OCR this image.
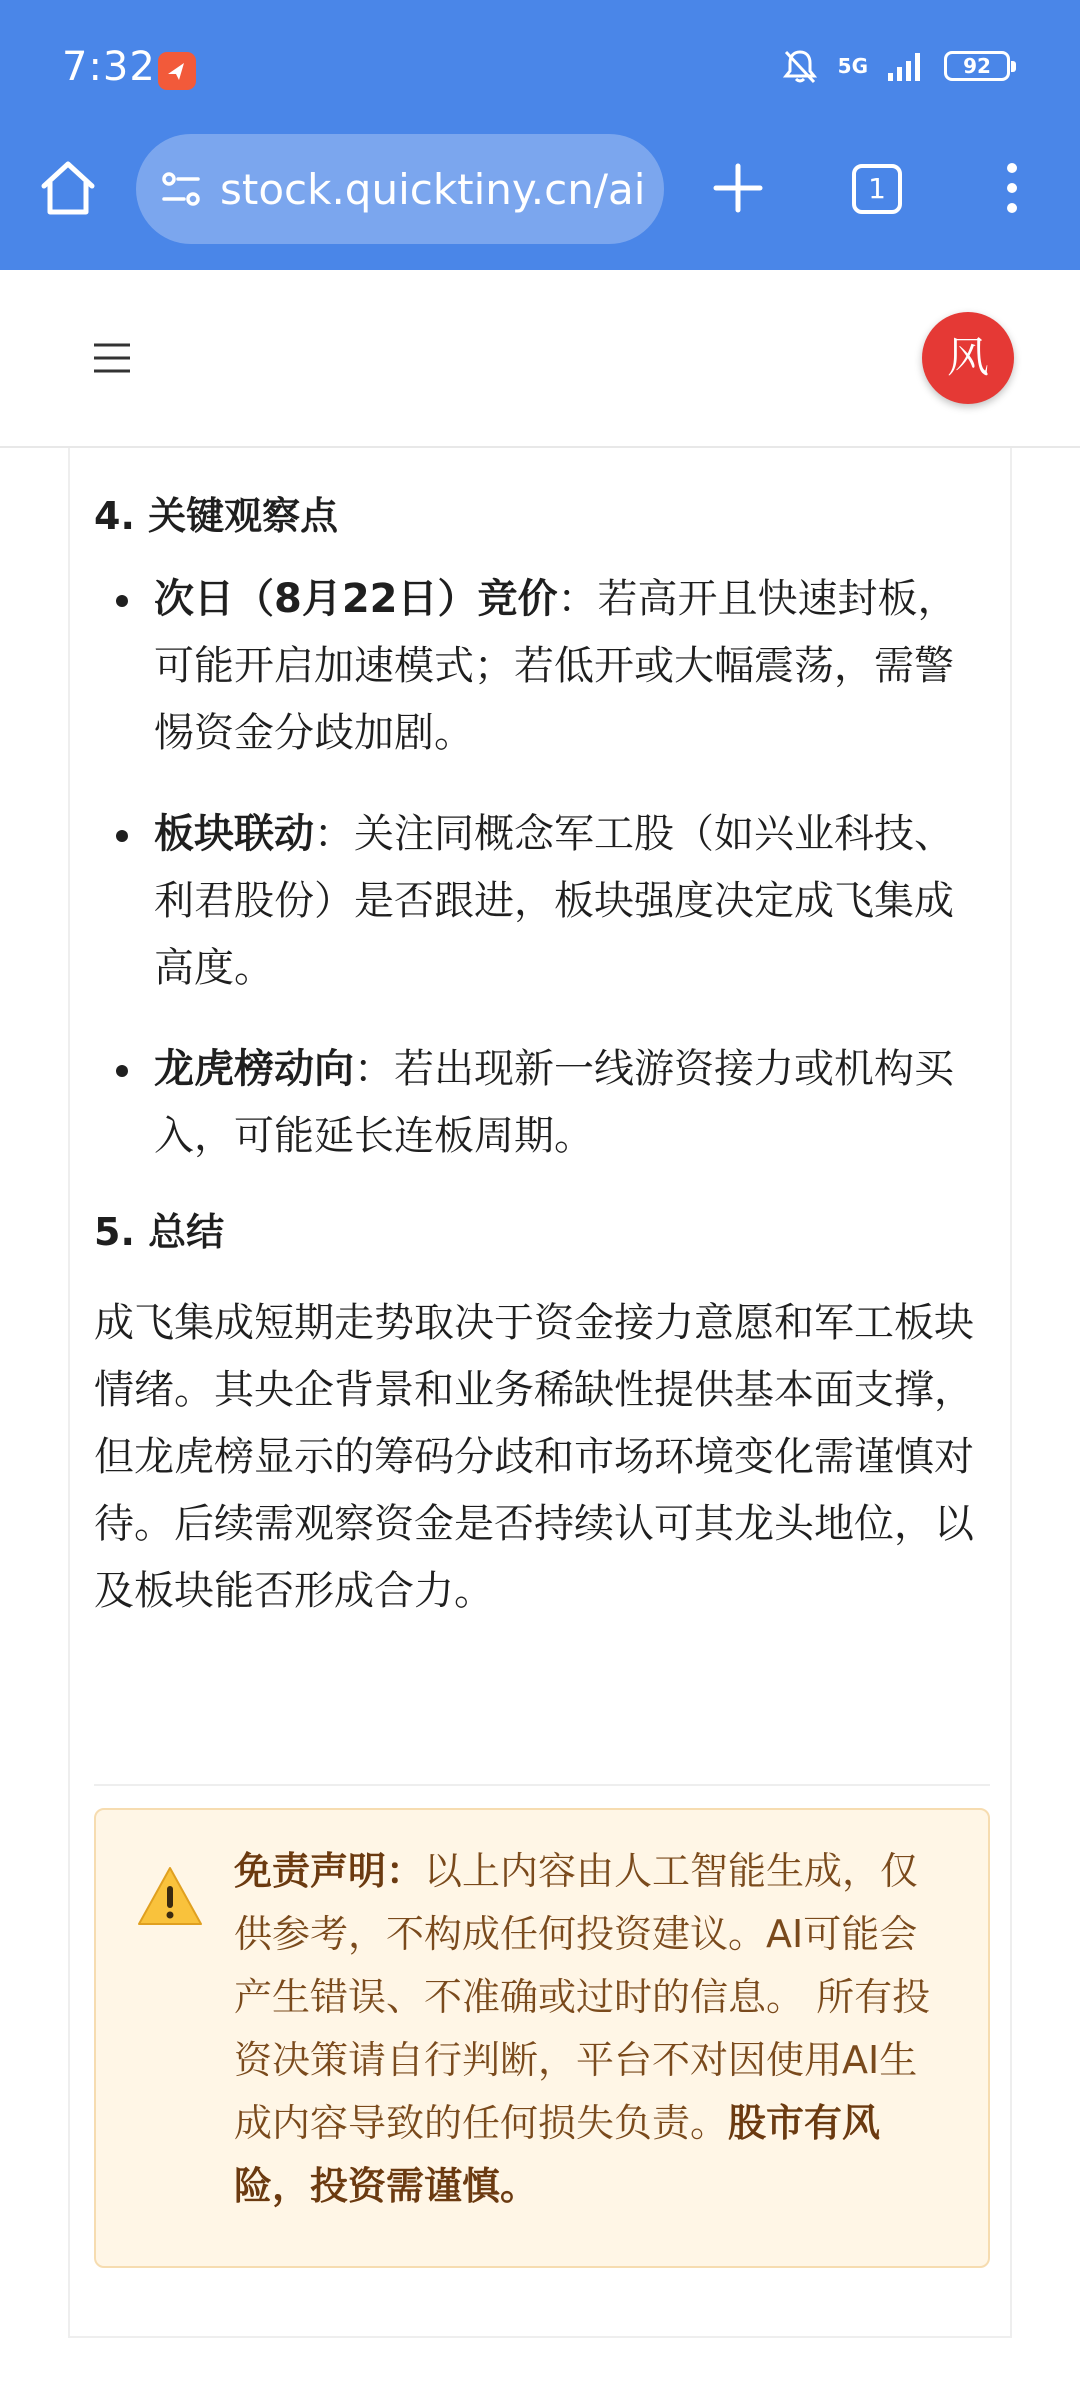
7:32	5G	92
stock.quicktiny.cn/ai	1
风
4. 关键观察点
次日（8月22日）竞价：若高开且快速封板，可能开启加速模式；若低开或大幅震荡，需警惕资金分歧加剧。
板块联动：关注同概念军工股（如兴业科技、利君股份）是否跟进，板块强度决定成飞集成高度。
龙虎榜动向：若出现新一线游资接力或机构买入，可能延长连板周期。
5. 总结

成飞集成短期走势取决于资金接力意愿和军工板块情绪。其央企背景和业务稀缺性提供基本面支撑，但龙虎榜显示的筹码分歧和市场环境变化需谨慎对待。后续需观察资金是否持续认可其龙头地位，以及板块能否形成合力。

免责声明：以上内容由人工智能生成，仅供参考，不构成任何投资建议。AI可能会产生错误、不准确或过时的信息。 所有投资决策请自行判断，平台不对因使用AI生成内容导致的任何损失负责。股市有风险，投资需谨慎。
